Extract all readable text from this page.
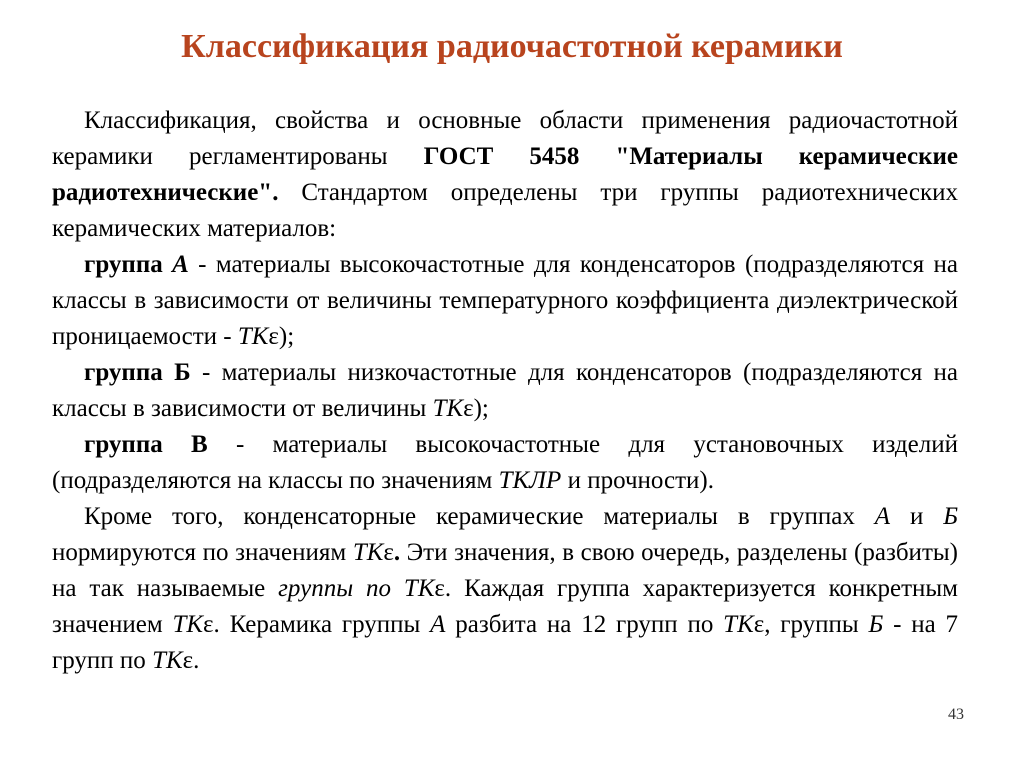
Классификация радиочастотной керамики

Классификация, свойства и основные области применения радиочастотной керамики регламентированы ГОСТ 5458 "Материалы керамические радиотехнические". Стандартом определены три группы радиотехнических керамических материалов:

группа А - материалы высокочастотные для конденсаторов (подразделяются на классы в зависимости от величины температурного коэффициента диэлектрической проницаемости - ТКε);

группа Б - материалы низкочастотные для конденсаторов (подразделяются на классы в зависимости от величины ТКε);

группа В - материалы высокочастотные для установочных изделий (подразделяются на классы по значениям ТКЛР и прочности).

Кроме того, конденсаторные керамические материалы в группах А и Б нормируются по значениям ТКε. Эти значения, в свою очередь, разделены (разбиты) на так называемые группы по ТКε. Каждая группа характеризуется конкретным значением ТКε. Керамика группы А разбита на 12 групп по ТКε, группы Б - на 7 групп по ТКε.

43
